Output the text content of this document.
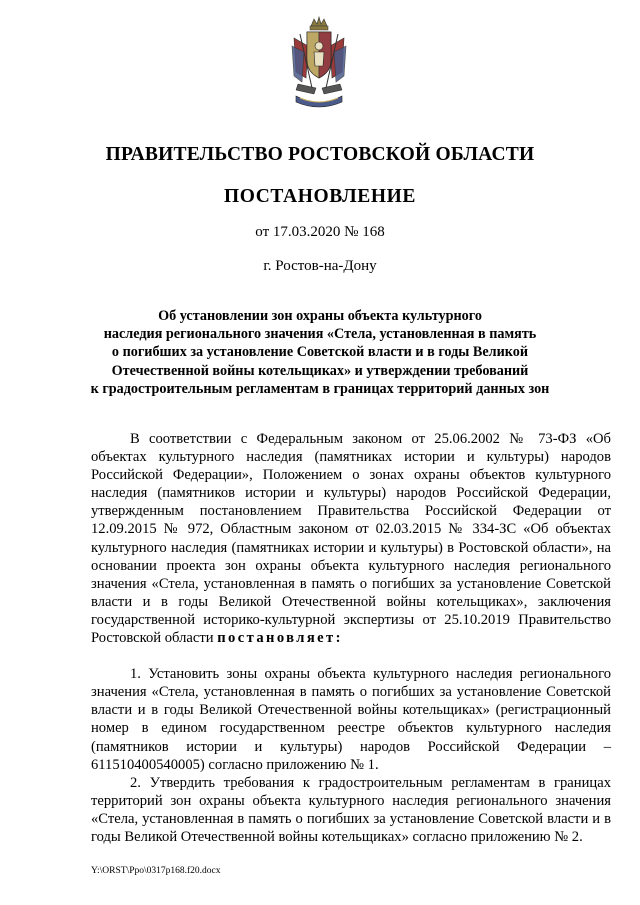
ПРАВИТЕЛЬСТВО РОСТОВСКОЙ ОБЛАСТИ
ПОСТАНОВЛЕНИЕ
от 17.03.2020 № 168
г. Ростов-на-Дону
Об установлении зон охраны объекта культурного
наследия регионального значения «Стела, установленная в память
о погибших за установление Советской власти и в годы Великой
Отечественной войны котельщиках» и утверждении требований
к градостроительным регламентам в границах территорий данных зон

В соответствии с Федеральным законом от 25.06.2002 № 73-ФЗ «Об объектах культурного наследия (памятниках истории и культуры) народов Российской Федерации», Положением о зонах охраны объектов культурного наследия (памятников истории и культуры) народов Российской Федерации, утвержденным постановлением Правительства Российской Федерации от 12.09.2015 № 972, Областным законом от 02.03.2015 № 334-ЗС «Об объектах культурного наследия (памятниках истории и культуры) в Ростовской области», на основании проекта зон охраны объекта культурного наследия регионального значения «Стела, установленная в память о погибших за установление Советской власти и в годы Великой Отечественной войны котельщиках», заключения государственной историко-культурной экспертизы от 25.10.2019 Правительство Ростовской области постановляет:

1. Установить зоны охраны объекта культурного наследия регионального значения «Стела, установленная в память о погибших за установление Советской власти и в годы Великой Отечественной войны котельщиках» (регистрационный номер в едином государственном реестре объектов культурного наследия (памятников истории и культуры) народов Российской Федерации – 611510400540005) согласно приложению № 1.

2. Утвердить требования к градостроительным регламентам в границах территорий зон охраны объекта культурного наследия регионального значения «Стела, установленная в память о погибших за установление Советской власти и в годы Великой Отечественной войны котельщиках» согласно приложению № 2.

Y:\ORST\Ppo\0317p168.f20.docx
